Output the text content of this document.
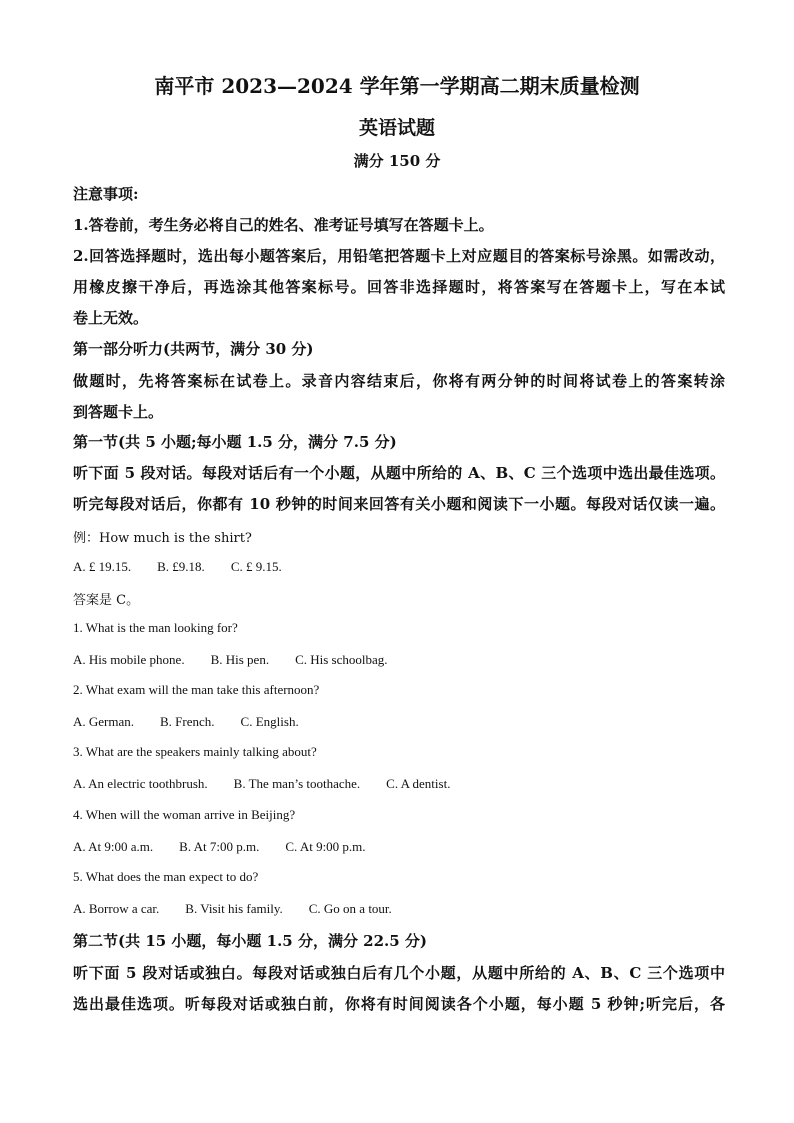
南平市 2023—2024 学年第一学期高二期末质量检测
英语试题
满分 150 分
注意事项:
1.答卷前，考生务必将自己的姓名、准考证号填写在答题卡上。
2.回答选择题时，选出每小题答案后，用铅笔把答题卡上对应题目的答案标号涂黑。如需改动，
用橡皮擦干净后，再选涂其他答案标号。回答非选择题时，将答案写在答题卡上，写在本试
卷上无效。
第一部分听力(共两节，满分 30 分)
做题时，先将答案标在试卷上。录音内容结束后，你将有两分钟的时间将试卷上的答案转涂
到答题卡上。
第一节(共 5 小题;每小题 1.5 分，满分 7.5 分)
听下面 5 段对话。每段对话后有一个小题，从题中所给的 A、B、C 三个选项中选出最佳选项。
听完每段对话后，你都有 10 秒钟的时间来回答有关小题和阅读下一小题。每段对话仅读一遍。
例：How much is the shirt?
A. £ 19.15. B. £9.18. C. £ 9.15.
答案是 C。
1. What is the man looking for?
A. His mobile phone. B. His pen. C. His schoolbag.
2. What exam will the man take this afternoon?
A. German. B. French. C. English.
3. What are the speakers mainly talking about?
A. An electric toothbrush. B. The man’s toothache. C. A dentist.
4. When will the woman arrive in Beijing?
A. At 9:00 a.m. B. At 7:00 p.m. C. At 9:00 p.m.
5. What does the man expect to do?
A. Borrow a car. B. Visit his family. C. Go on a tour.
第二节(共 15 小题，每小题 1.5 分，满分 22.5 分)
听下面 5 段对话或独白。每段对话或独白后有几个小题，从题中所给的 A、B、C 三个选项中
选出最佳选项。听每段对话或独白前，你将有时间阅读各个小题，每小题 5 秒钟;听完后，各
